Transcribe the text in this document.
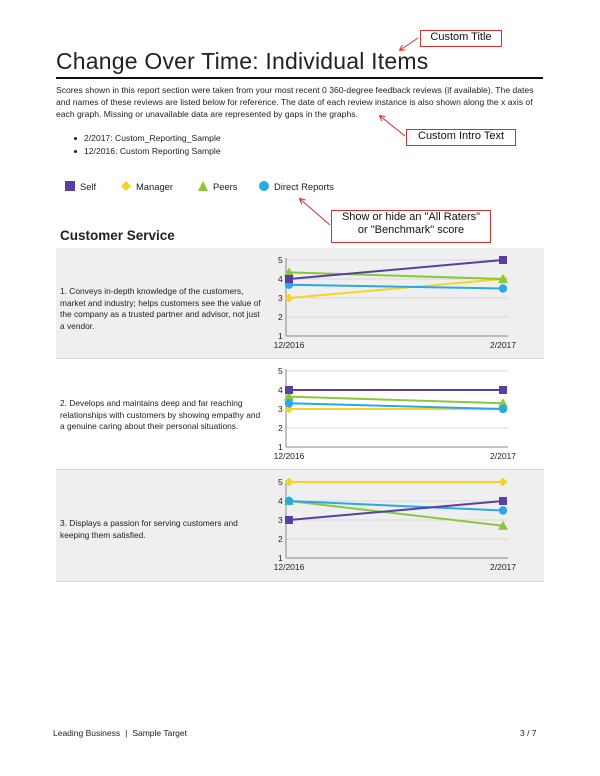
Change Over Time: Individual Items
Scores shown in this report section were taken from your most recent 0 360-degree feedback reviews (if available). The dates and names of these reviews are listed below for reference. The date of each review instance is also shown along the x axis of each graph. Missing or unavailable data are represented by gaps in the graphs.
2/2017: Custom_Reporting_Sample
12/2016: Custom Reporting Sample
Self	Manager	Peers	Direct Reports
Custom Title
Custom Intro Text
Show or hide an "All Raters"
or "Benchmark" score
Customer Service
1. Conveys in-depth knowledge of the customers, market and industry; helps customers see the value of the company as a trusted partner and advisor, not just a vendor.
1
2
3
4
5
12/2016	2/2017
2. Develops and maintains deep and far reaching relationships with customers by showing empathy and a genuine caring about their personal situations.
1
2
3
4
5
12/2016	2/2017
3. Displays a passion for serving customers and keeping them satisfied.
1
2
3
4
5
12/2016	2/2017
Leading Business | Sample Target	3 / 7
